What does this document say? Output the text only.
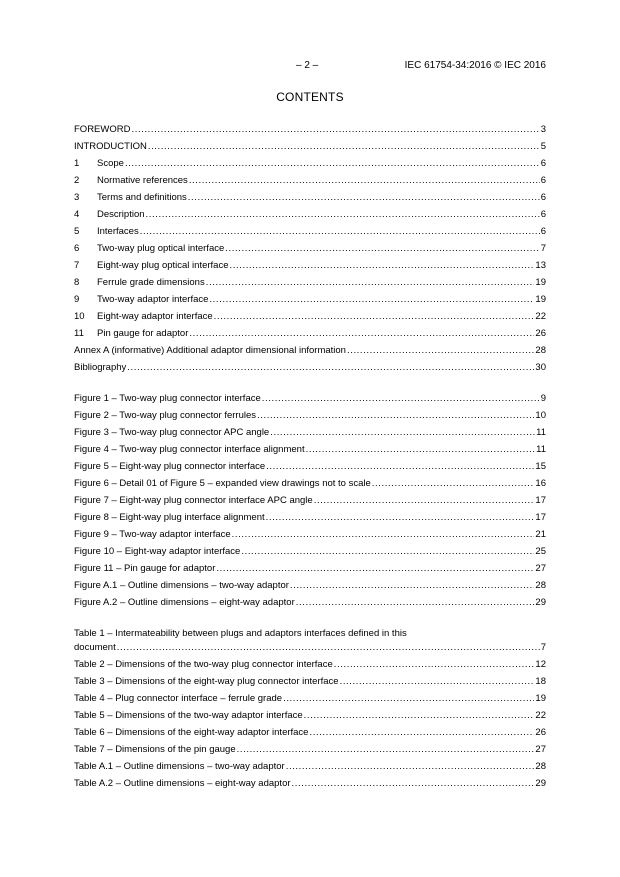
– 2 –	IEC 61754-34:2016 © IEC 2016
CONTENTS
FOREWORD .....	3
INTRODUCTION .....	5
1	Scope .....	6
2	Normative references .....	6
3	Terms and definitions .....	6
4	Description .....	6
5	Interfaces .....	6
6	Two-way plug optical interface .....	7
7	Eight-way plug optical interface .....	13
8	Ferrule grade dimensions .....	19
9	Two-way adaptor interface .....	19
10	Eight-way adaptor interface .....	22
11	Pin gauge for adaptor .....	26
Annex A (informative) Additional adaptor dimensional information .....	28
Bibliography .....	30
Figure 1 – Two-way plug connector interface .....	9
Figure 2 – Two-way plug connector ferrules .....	10
Figure 3 – Two-way plug connector APC angle .....	11
Figure 4 – Two-way plug connector interface alignment .....	11
Figure 5 – Eight-way plug connector interface .....	15
Figure 6 – Detail 01 of Figure 5 – expanded view drawings not to scale .....	16
Figure 7 – Eight-way plug connector interface APC angle .....	17
Figure 8 – Eight-way plug interface alignment .....	17
Figure 9 – Two-way adaptor interface .....	21
Figure 10 – Eight-way adaptor interface .....	25
Figure 11 – Pin gauge for adaptor .....	27
Figure A.1 – Outline dimensions – two-way adaptor .....	28
Figure A.2 – Outline dimensions – eight-way adaptor .....	29
Table 1 – Intermateability between plugs and adaptors interfaces defined in this
document .....	7
Table 2 – Dimensions of the two-way plug connector interface .....	12
Table 3 – Dimensions of the eight-way plug connector interface .....	18
Table 4 – Plug connector interface – ferrule grade .....	19
Table 5 – Dimensions of the two-way adaptor interface .....	22
Table 6 – Dimensions of the eight-way adaptor interface .....	26
Table 7 – Dimensions of the pin gauge .....	27
Table A.1 – Outline dimensions – two-way adaptor .....	28
Table A.2 – Outline dimensions – eight-way adaptor .....	29
